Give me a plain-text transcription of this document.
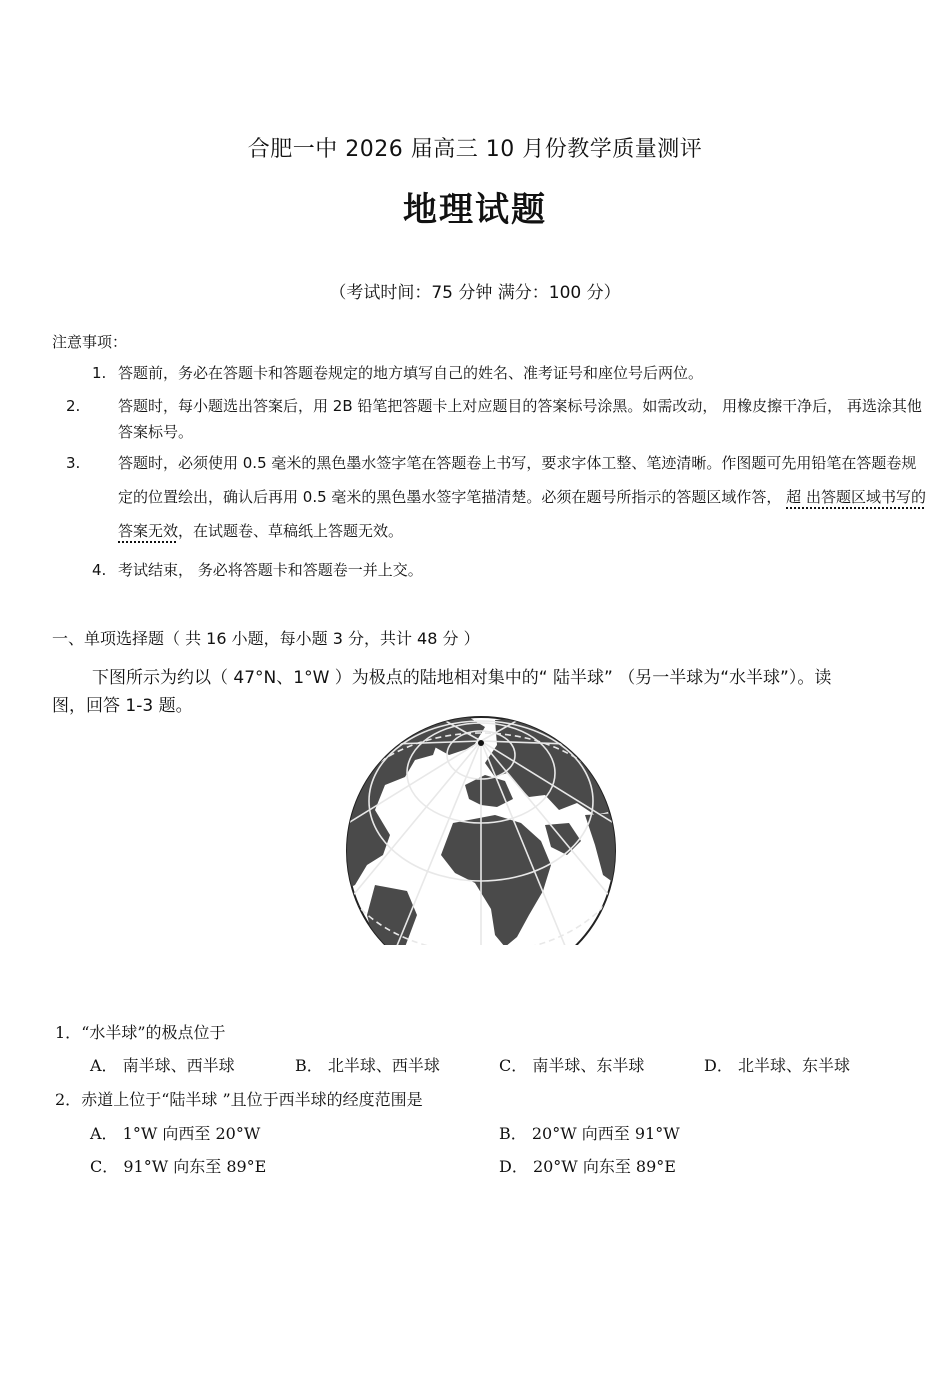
合肥一中 2026 届高三 10 月份教学质量测评
地理试题
（考试时间：75 分钟 满分：100 分）
注意事项：
1. 答题前，务必在答题卡和答题卷规定的地方填写自己的姓名、准考证号和座位号后两位。
2.	答题时，每小题选出答案后，用 2B 铅笔把答题卡上对应题目的答案标号涂黑。如需改动， 用橡皮擦干净后， 再选涂其他答案标号。
3.	答题时，必须使用 0.5 毫米的黑色墨水签字笔在答题卷上书写，要求字体工整、笔迹清晰。作图题可先用铅笔在答题卷规定的位置绘出，确认后再用 0.5 毫米的黑色墨水签字笔描清楚。必须在题号所指示的答题区域作答， 超 出答题区域书写的答案无效，在试题卷、草稿纸上答题无效。
4. 考试结束， 务必将答题卡和答题卷一并上交。
一、单项选择题（ 共 16 小题，每小题 3 分，共计 48 分 ）
下图所示为约以（ 47°N、1°W ）为极点的陆地相对集中的“ 陆半球” （另一半球为“水半球”）。读图，回答 1-3 题。
1．“水半球”的极点位于
A． 南半球、西半球	B． 北半球、西半球	C． 南半球、东半球	D． 北半球、东半球
2．赤道上位于“陆半球 ”且位于西半球的经度范围是
A． 1°W 向西至 20°W	B． 20°W 向西至 91°W
C． 91°W 向东至 89°E	D． 20°W 向东至 89°E
